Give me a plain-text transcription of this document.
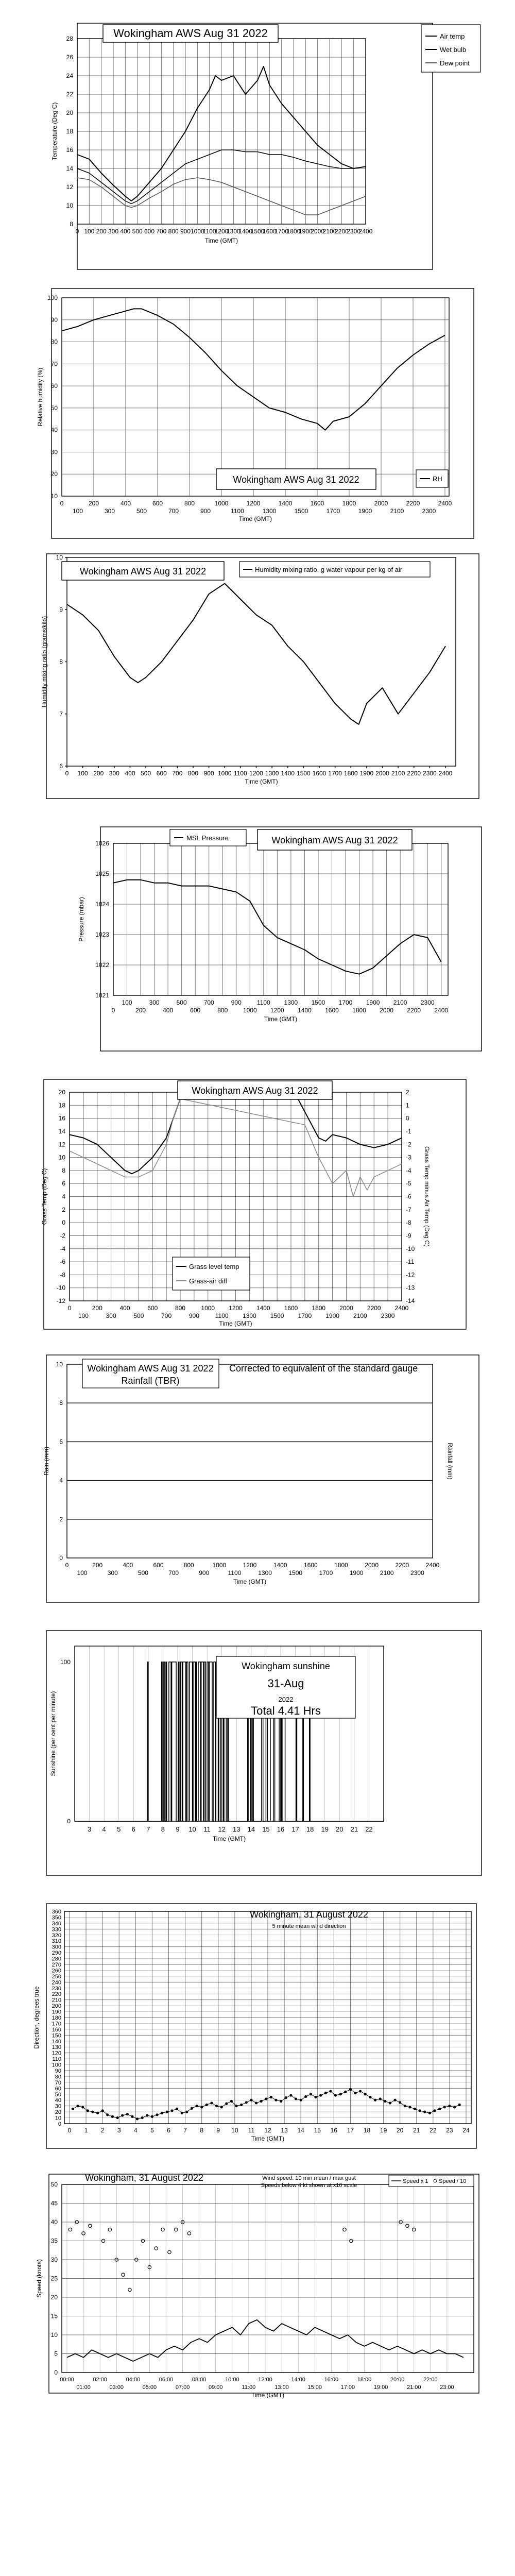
8
10
12
14
16
18
20
22
24
26
28
0 100 200 300 400 500 600 700 800 900 1000
1100
1200
1300
1400
1500
1600
1700
1800
1900
2000
2100
2200
2300
2400
Time (GMT)
Temperature (Deg C)
Wokingham AWS Aug 31 2022	Air temp
Wet bulb
Dew point
10
20
30
40
50
60
70
80
90
100
0	200	400	600	800	1000	1200	1400	1600	1800	2000	2200	2400
100	300	500	700	900	1100	1300	1500	1700	1900	2100	2300
Time (GMT)
Relative humidity (%)
Wokingham AWS Aug 31 2022	RH
6
7
8
9
10
0 100 200 300 400 500 600 700 800 900 1000 1100 1200 1300 1400 1500 1600 1700 1800 1900 2000 2100 2200 2300 2400
Time (GMT)
Humidity mixing ratio (grams/kilo)
Wokingham AWS Aug 31 2022	Humidity mixing ratio, g water vapour per kg of air
1021
1022
1023
1024
1025
1026
0	200	400	600	800 1000 1200 1400 1600 1800 2000 2200 2400
100	300	500	700	900	1100 1300 1500 1700 1900 2100 2300
Time (GMT)
Pressure (mbar)
MSL Pressure	Wokingham AWS Aug 31 2022
-12
-10
-8
-6
-4
-2
0
2
4
6
8
10
12
14
16
18
20
-14
-13
-12
-11
-10
-9
-8
-7
-6
-5
-4
-3
-2
-1
0
1
2
0	200	400	600	800	1000 1200 1400 1600 1800 2000 2200 2400
100	300	500	700	900	1100 1300 1500 1700 1900 2100 2300
Time (GMT)
Grass Temp (Deg C)	Grass Temp minus Air Temp (Deg C)
Wokingham AWS Aug 31 2022
Grass level temp
Grass-air diff
0
2
4
6
8
10
0	200	400	600	800	1000	1200	1400	1600	1800	2000	2200	2400
100	300	500	700	900	1100	1300	1500	1700	1900	2100	2300
Time (GMT)
Rain (mm)	Rainfall (mm)
Wokingham AWS Aug 31 2022
Rainfall (TBR)
Corrected to equivalent of the standard gauge
0
100
3 4 5 6 7 8 9 10 11 12 13 14 15 16 17 18 19 20 21 22
Time (GMT)
Sunshine (per cent per minute)
Wokingham sunshine
31-Aug
2022
Total 4.41 Hrs
0
10
20
30
40
50
60
70
80
90
100
110
120
130
140
150
160
170
180
190
200
210
220
230
240
250
260
270
280
290
300
310
320
330
340
350
360
0 1 2 3 4 5 6 7 8 9 10 11 12 13 14 15 16 17 18 19 20 21 22 23 24
Time (GMT)
Direction, degrees true
Wokingham, 31 August 2022
5 minute mean wind direction
0
5
10
15
20
25
30
35
40
45
50
00:00	02:00	04:00	06:00	08:00	10:00	12:00	14:00	16:00	18:00	20:00	22:00
01:00	03:00	05:00	07:00	09:00	11:00	13:00	15:00	17:00	19:00	21:00	23:00
Time (GMT)
Speed (knots)
Wokingham, 31 August 2022	Wind speed: 10 min mean / max gust
Speeds below 4 kt shown at x10 scale
Speed x 1 Speed / 10
